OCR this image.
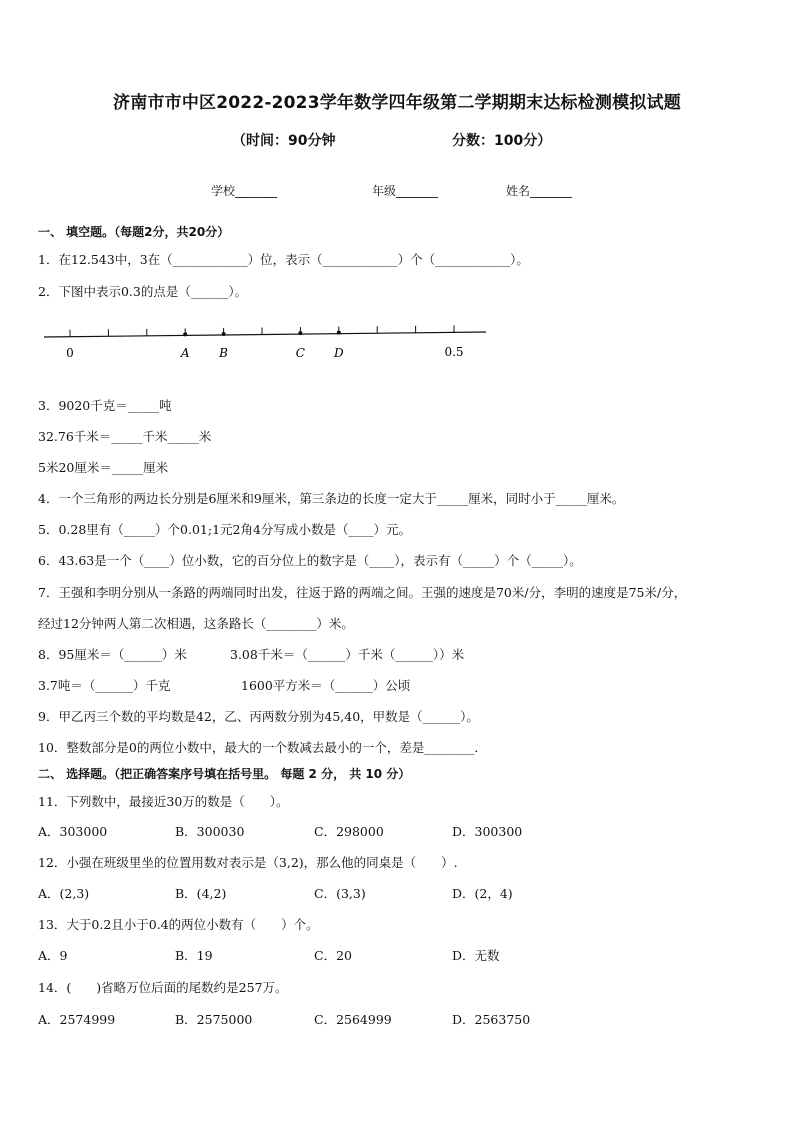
济南市市中区2022-2023学年数学四年级第二学期期末达标检测模拟试题
（时间：90分钟	分数：100分）
学校_______	年级_______	姓名_______
一、 填空题。（每题2分，共20分）
1．在12.543中，3在（____________）位，表示（____________）个（____________）。
2．下图中表示0.3的点是（______）。
A B	C D
0	0.5
3．9020千克＝_____吨
32.76千米＝_____千米_____米
5米20厘米＝_____厘米
4．一个三角形的两边长分别是6厘米和9厘米，第三条边的长度一定大于_____厘米，同时小于_____厘米。
5．0.28里有（_____）个0.01;1元2角4分写成小数是（____）元。
6．43.63是一个（____）位小数，它的百分位上的数字是（____），表示有（_____）个（_____）。
7．王强和李明分别从一条路的两端同时出发，往返于路的两端之间。王强的速度是70米/分，李明的速度是75米/分，
经过12分钟两人第二次相遇，这条路长（________）米。
8．95厘米＝（______）米	3.08千米＝（______）千米（______））米
3.7吨＝（______）千克	1600平方米＝（______）公顷
9．甲乙丙三个数的平均数是42，乙、丙两数分别为45,40，甲数是（______）。
10．整数部分是0的两位小数中，最大的一个数减去最小的一个，差是________．
二、 选择题。（把正确答案序号填在括号里。 每题 2 分， 共 10 分）
11．下列数中，最接近30万的数是（　　）。
A．303000	B．300030	C．298000	D．300300
12．小强在班级里坐的位置用数对表示是（3,2)，那么他的同桌是（　　）.
A．(2,3)	B．(4,2)	C．(3,3)	D．(2，4)
13．大于0.2且小于0.4的两位小数有（　　）个。
A．9	B．19	C．20	D．无数
14．(　　)省略万位后面的尾数约是257万。
A．2574999	B．2575000	C．2564999	D．2563750
